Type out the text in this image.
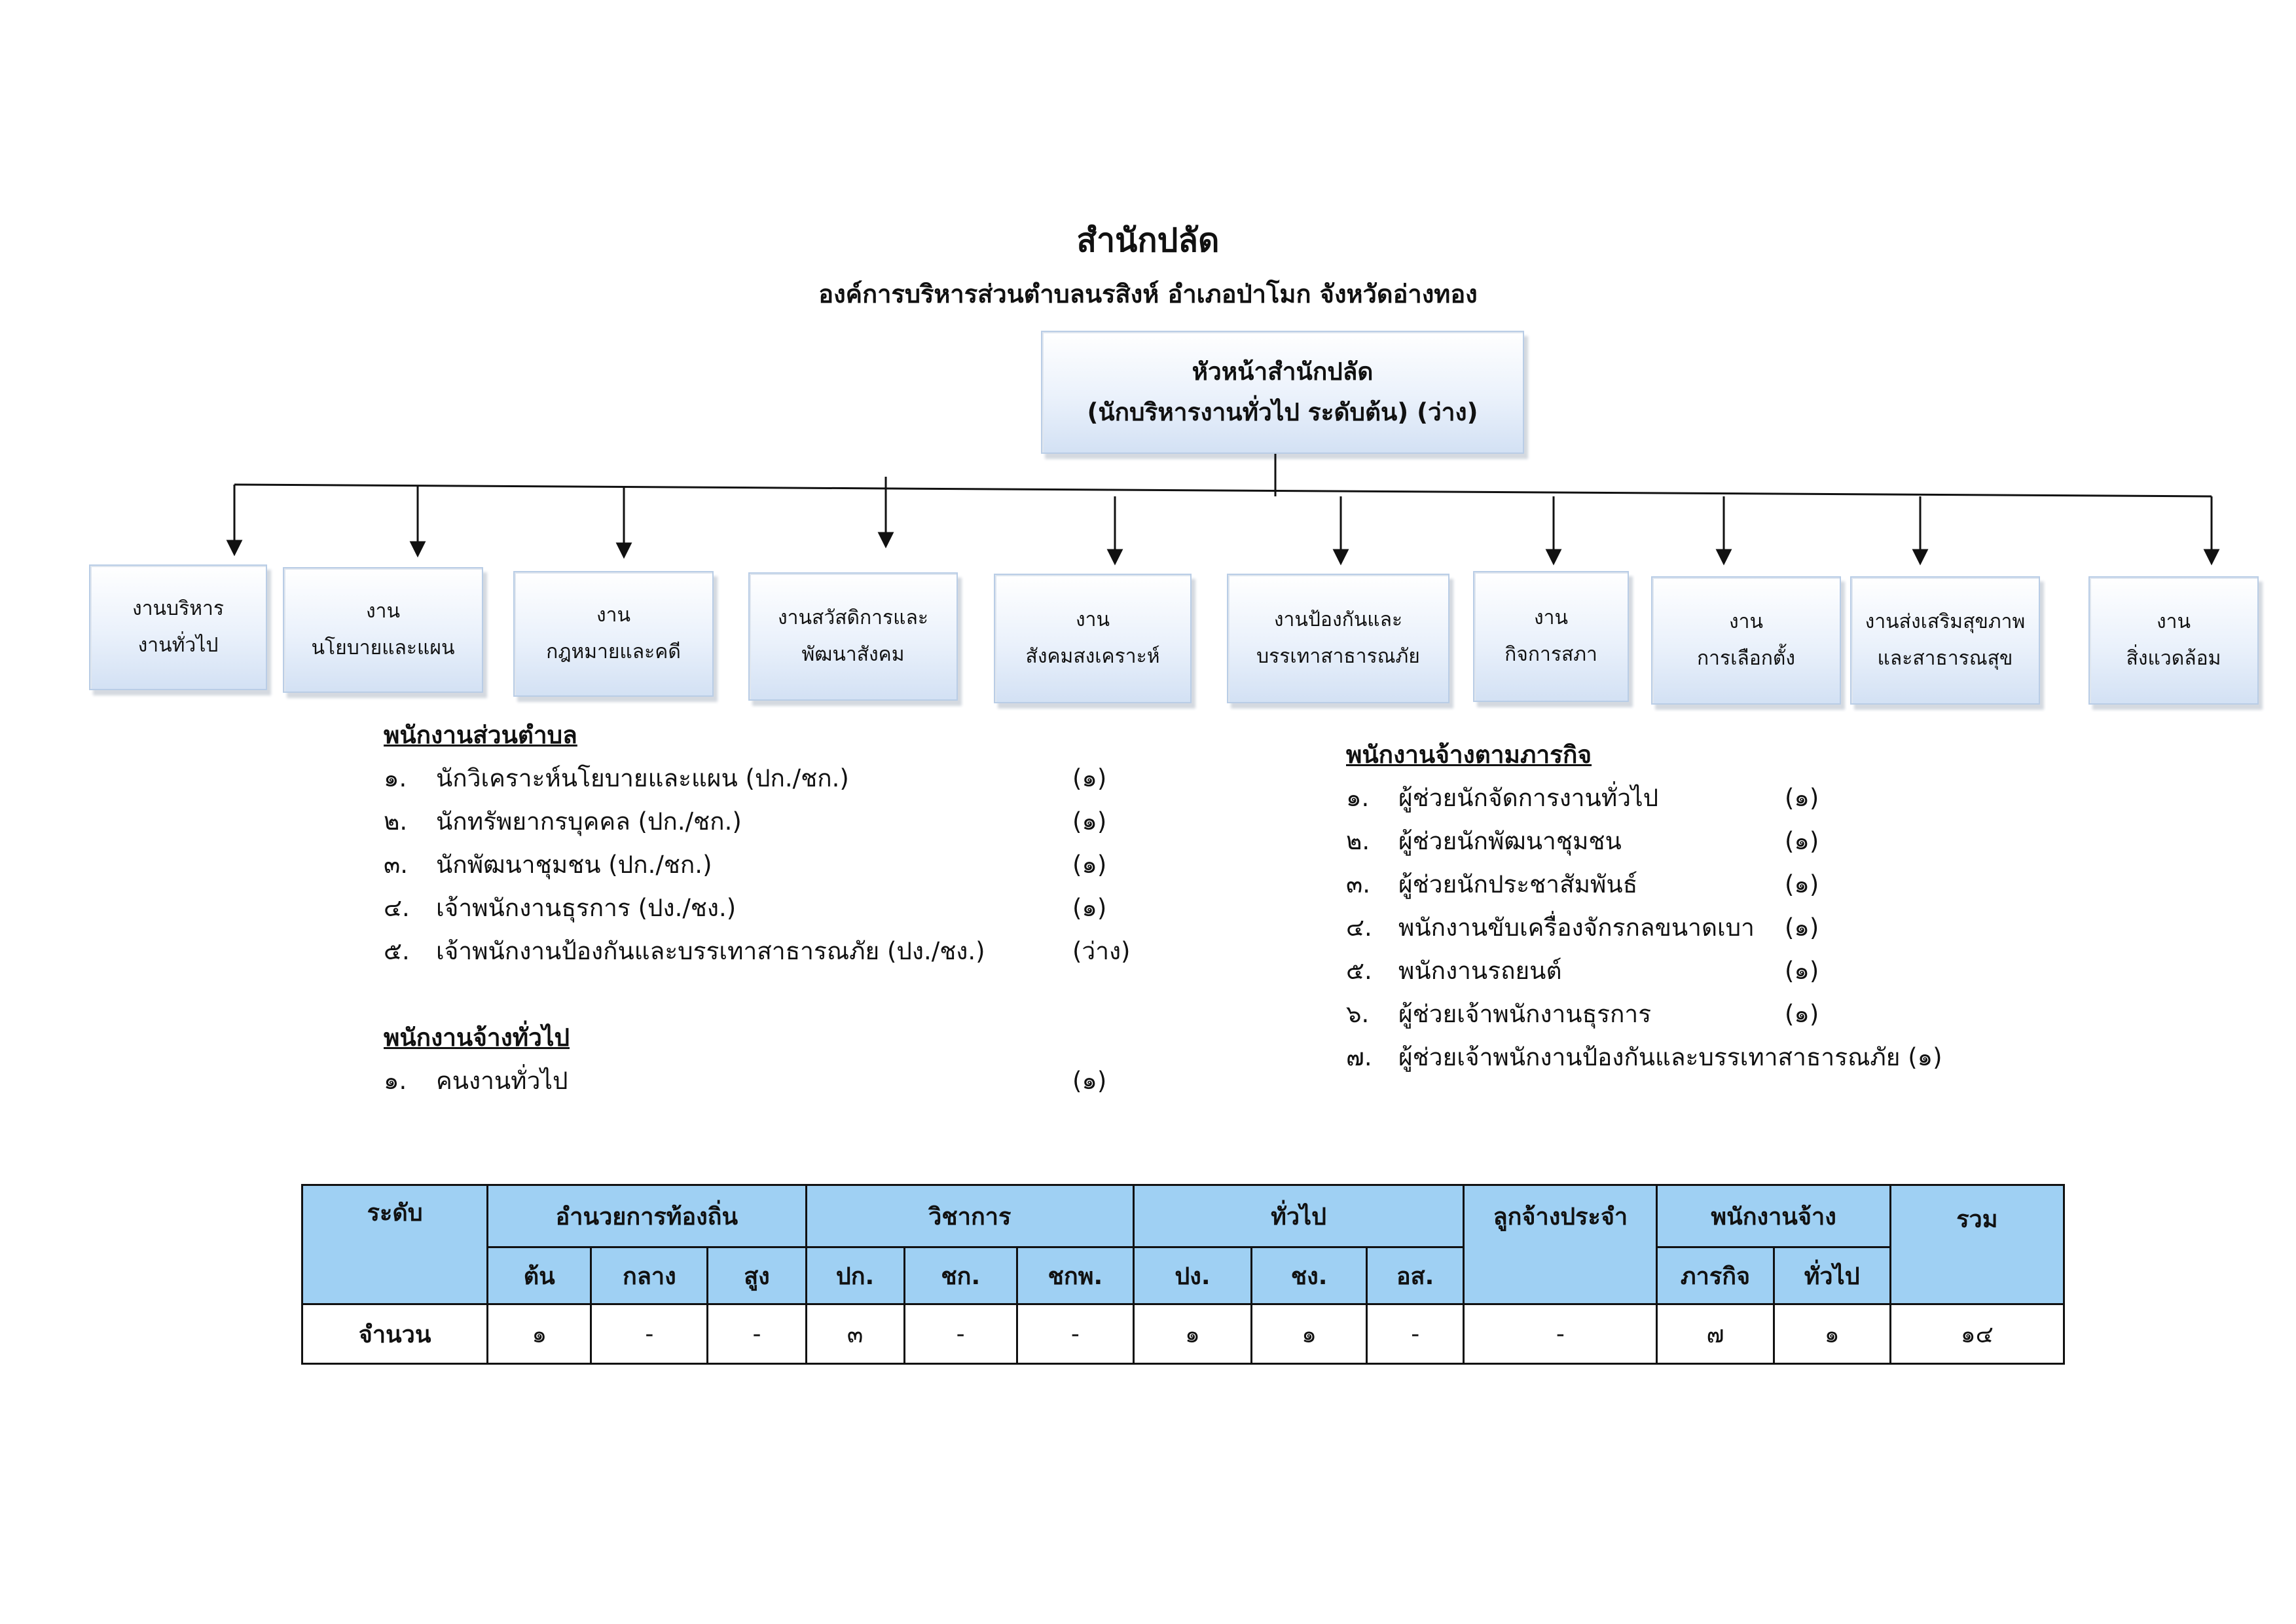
สำนักปลัด
องค์การบริหารส่วนตำบลนรสิงห์ อำเภอป่าโมก จังหวัดอ่างทอง
หัวหน้าสำนักปลัด
(นักบริหารงานทั่วไป ระดับต้น) (ว่าง)
งานบริหาร
งานทั่วไป
งาน
นโยบายและแผน
งาน
กฎหมายและคดี
งานสวัสดิการและ
พัฒนาสังคม
งาน
สังคมสงเคราะห์
งานป้องกันและ
บรรเทาสาธารณภัย
งาน
กิจการสภา
งาน
การเลือกตั้ง
งานส่งเสริมสุขภาพ
และสาธารณสุข
งาน
สิ่งแวดล้อม
พนักงานส่วนตำบล
๑. นักวิเคราะห์นโยบายและแผน (ปก./ชก.)	(๑)
๒. นักทรัพยากรบุคคล (ปก./ชก.)	(๑)
๓. นักพัฒนาชุมชน (ปก./ชก.)	(๑)
๔. เจ้าพนักงานธุรการ (ปง./ชง.)	(๑)
๕. เจ้าพนักงานป้องกันและบรรเทาสาธารณภัย (ปง./ชง.)	(ว่าง)
พนักงานจ้างทั่วไป
๑. คนงานทั่วไป	(๑)
พนักงานจ้างตามภารกิจ
๑. ผู้ช่วยนักจัดการงานทั่วไป	(๑)
๒. ผู้ช่วยนักพัฒนาชุมชน	(๑)
๓. ผู้ช่วยนักประชาสัมพันธ์	(๑)
๔. พนักงานขับเครื่องจักรกลขนาดเบา (๑)
๕. พนักงานรถยนต์	(๑)
๖. ผู้ช่วยเจ้าพนักงานธุรการ	(๑)
๗. ผู้ช่วยเจ้าพนักงานป้องกันและบรรเทาสาธารณภัย (๑)
ระดับ	อำนวยการท้องถิ่น			วิชาการ			ทั่วไป			ลูกจ้างประจำ	พนักงานจ้าง		รวม
	ต้น	กลาง	สูง	ปก.	ชก.	ชกพ.	ปง.	ชง.	อส.		ภารกิจ	ทั่วไป	
จำนวน	๑	-	-	๓	-	-	๑	๑	-	-	๗	๑	๑๔
